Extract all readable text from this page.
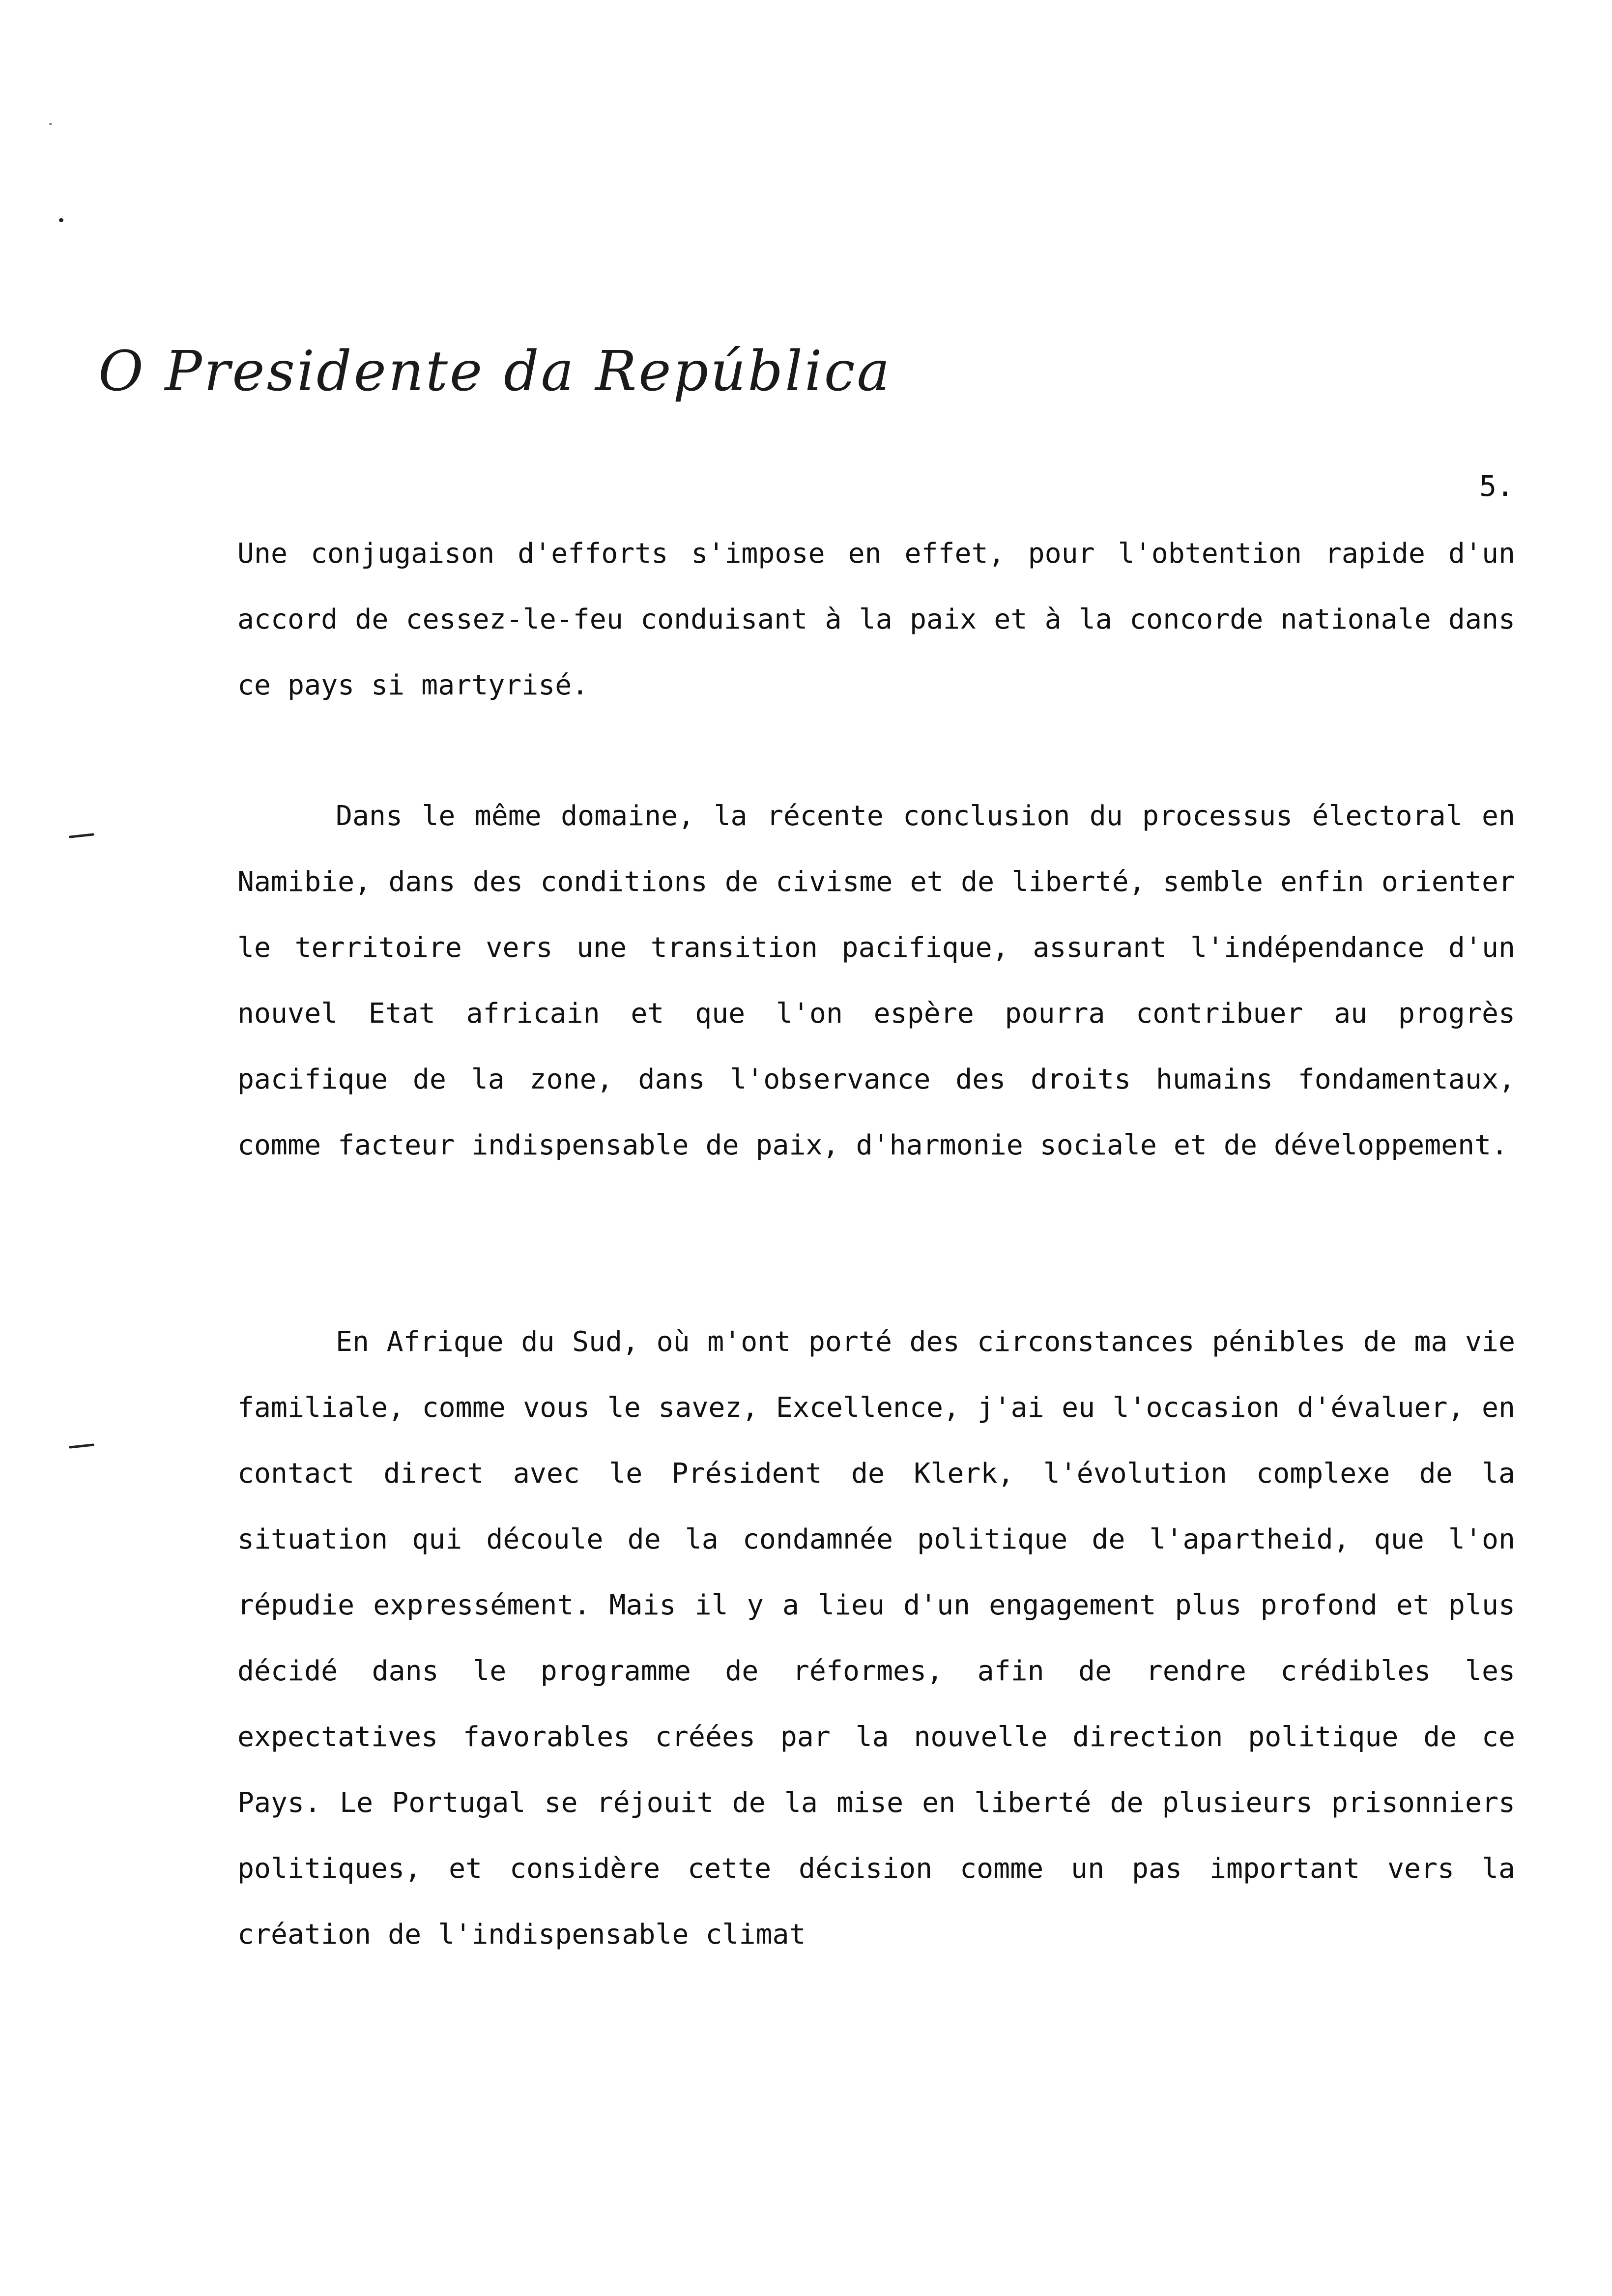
O Presidente da República
5.

Une conjugaison d'efforts s'impose en effet, pour l'obtention rapide d'un accord de cessez-le-feu conduisant à la paix et à la concorde nationale dans ce pays si martyrisé.

Dans le même domaine, la récente conclusion du processus électoral en Namibie, dans des conditions de civisme et de liberté, semble enfin orienter le territoire vers une transition pacifique, assurant l'indépendance d'un nouvel Etat africain et que l'on espère pourra contribuer au progrès pacifique de la zone, dans l'observance des droits humains fondamentaux, comme facteur indispensable de paix, d'harmonie sociale et de développement.

En Afrique du Sud, où m'ont porté des circonstances pénibles de ma vie familiale, comme vous le savez, Excellence, j'ai eu l'occasion d'évaluer, en contact direct avec le Président de Klerk, l'évolution complexe de la situation qui découle de la condamnée politique de l'apartheid, que l'on répudie expressément. Mais il y a lieu d'un engagement plus profond et plus décidé dans le programme de réformes, afin de rendre crédibles les expectatives favorables créées par la nouvelle direction politique de ce Pays. Le Portugal se réjouit de la mise en liberté de plusieurs prisonniers politiques, et considère cette décision comme un pas important vers la création de l'indispensable climat
